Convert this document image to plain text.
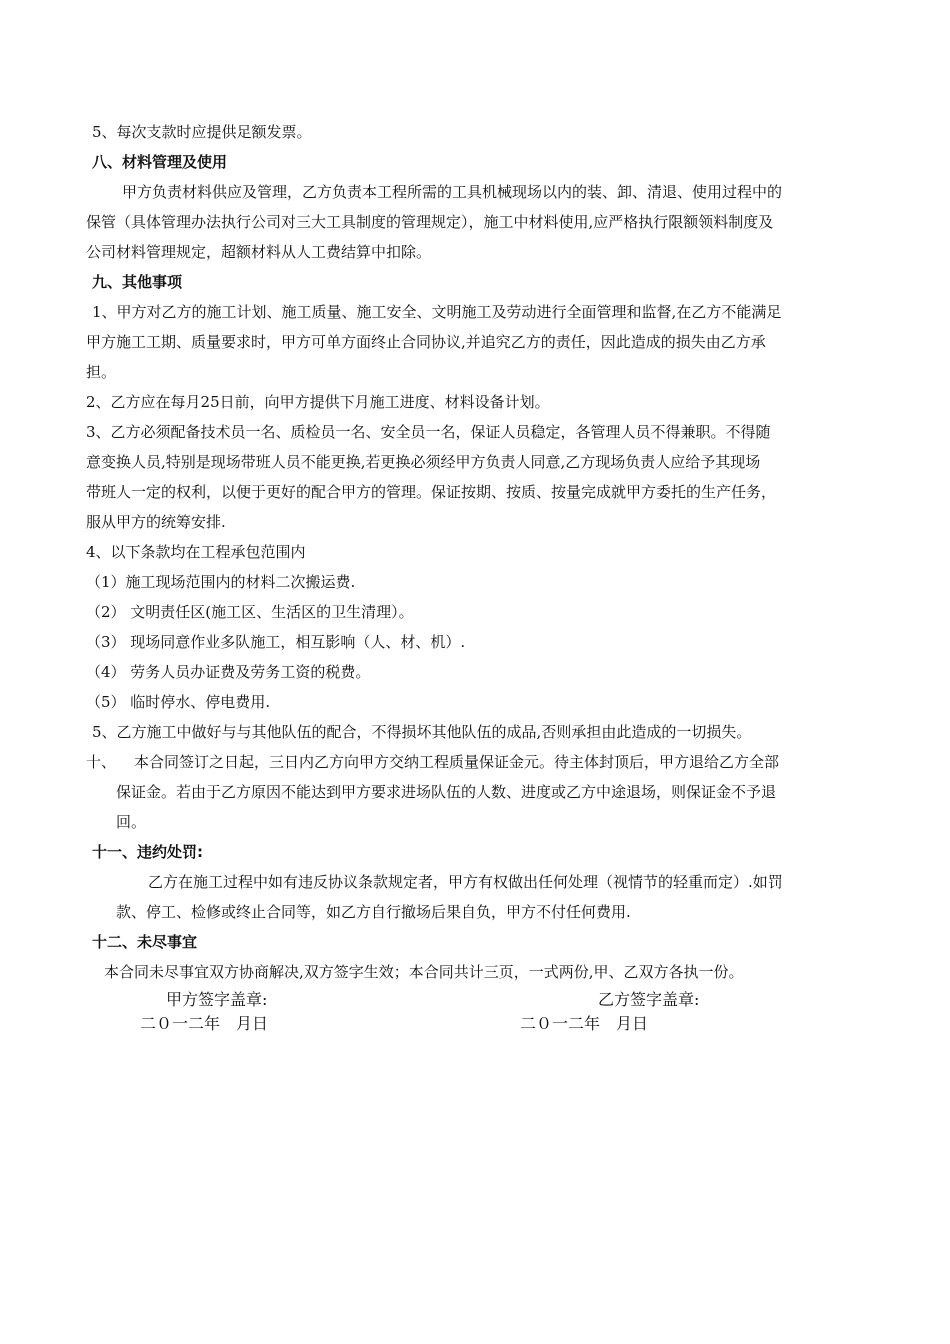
5、每次支款时应提供足额发票。
八、材料管理及使用
甲方负责材料供应及管理，乙方负责本工程所需的工具机械现场以内的装、卸、清退、使用过程中的
保管（具体管理办法执行公司对三大工具制度的管理规定），施工中材料使用,应严格执行限额领料制度及
公司材料管理规定，超额材料从人工费结算中扣除。
九、其他事项
1、甲方对乙方的施工计划、施工质量、施工安全、文明施工及劳动进行全面管理和监督,在乙方不能满足
甲方施工工期、质量要求时，甲方可单方面终止合同协议,并追究乙方的责任，因此造成的损失由乙方承
担。
2、乙方应在每月25日前，向甲方提供下月施工进度、材料设备计划。
3、乙方必须配备技术员一名、质检员一名、安全员一名，保证人员稳定，各管理人员不得兼职。不得随
意变换人员,特别是现场带班人员不能更换,若更换必须经甲方负责人同意,乙方现场负责人应给予其现场
带班人一定的权利，以便于更好的配合甲方的管理。保证按期、按质、按量完成就甲方委托的生产任务，
服从甲方的统筹安排.
4、以下条款均在工程承包范围内
（1）施工现场范围内的材料二次搬运费.
（2） 文明责任区(施工区、生活区的卫生清理）。
（3） 现场同意作业多队施工，相互影响（人、材、机）.
（4） 劳务人员办证费及劳务工资的税费。
（5） 临时停水、停电费用.
5、乙方施工中做好与与其他队伍的配合，不得损坏其他队伍的成品,否则承担由此造成的一切损失。
十、 本合同签订之日起，三日内乙方向甲方交纳工程质量保证金元。待主体封顶后，甲方退给乙方全部
保证金。若由于乙方原因不能达到甲方要求进场队伍的人数、进度或乙方中途退场，则保证金不予退
回。
十一、违约处罚:
乙方在施工过程中如有违反协议条款规定者，甲方有权做出任何处理（视情节的轻重而定）.如罚
款、停工、检修或终止合同等，如乙方自行撤场后果自负，甲方不付任何费用.
十二、未尽事宜
本合同未尽事宜双方协商解决,双方签字生效；本合同共计三页，一式两份,甲、乙双方各执一份。
甲方签字盖章:	乙方签字盖章:
二０一二年　月日	二０一二年　月日
